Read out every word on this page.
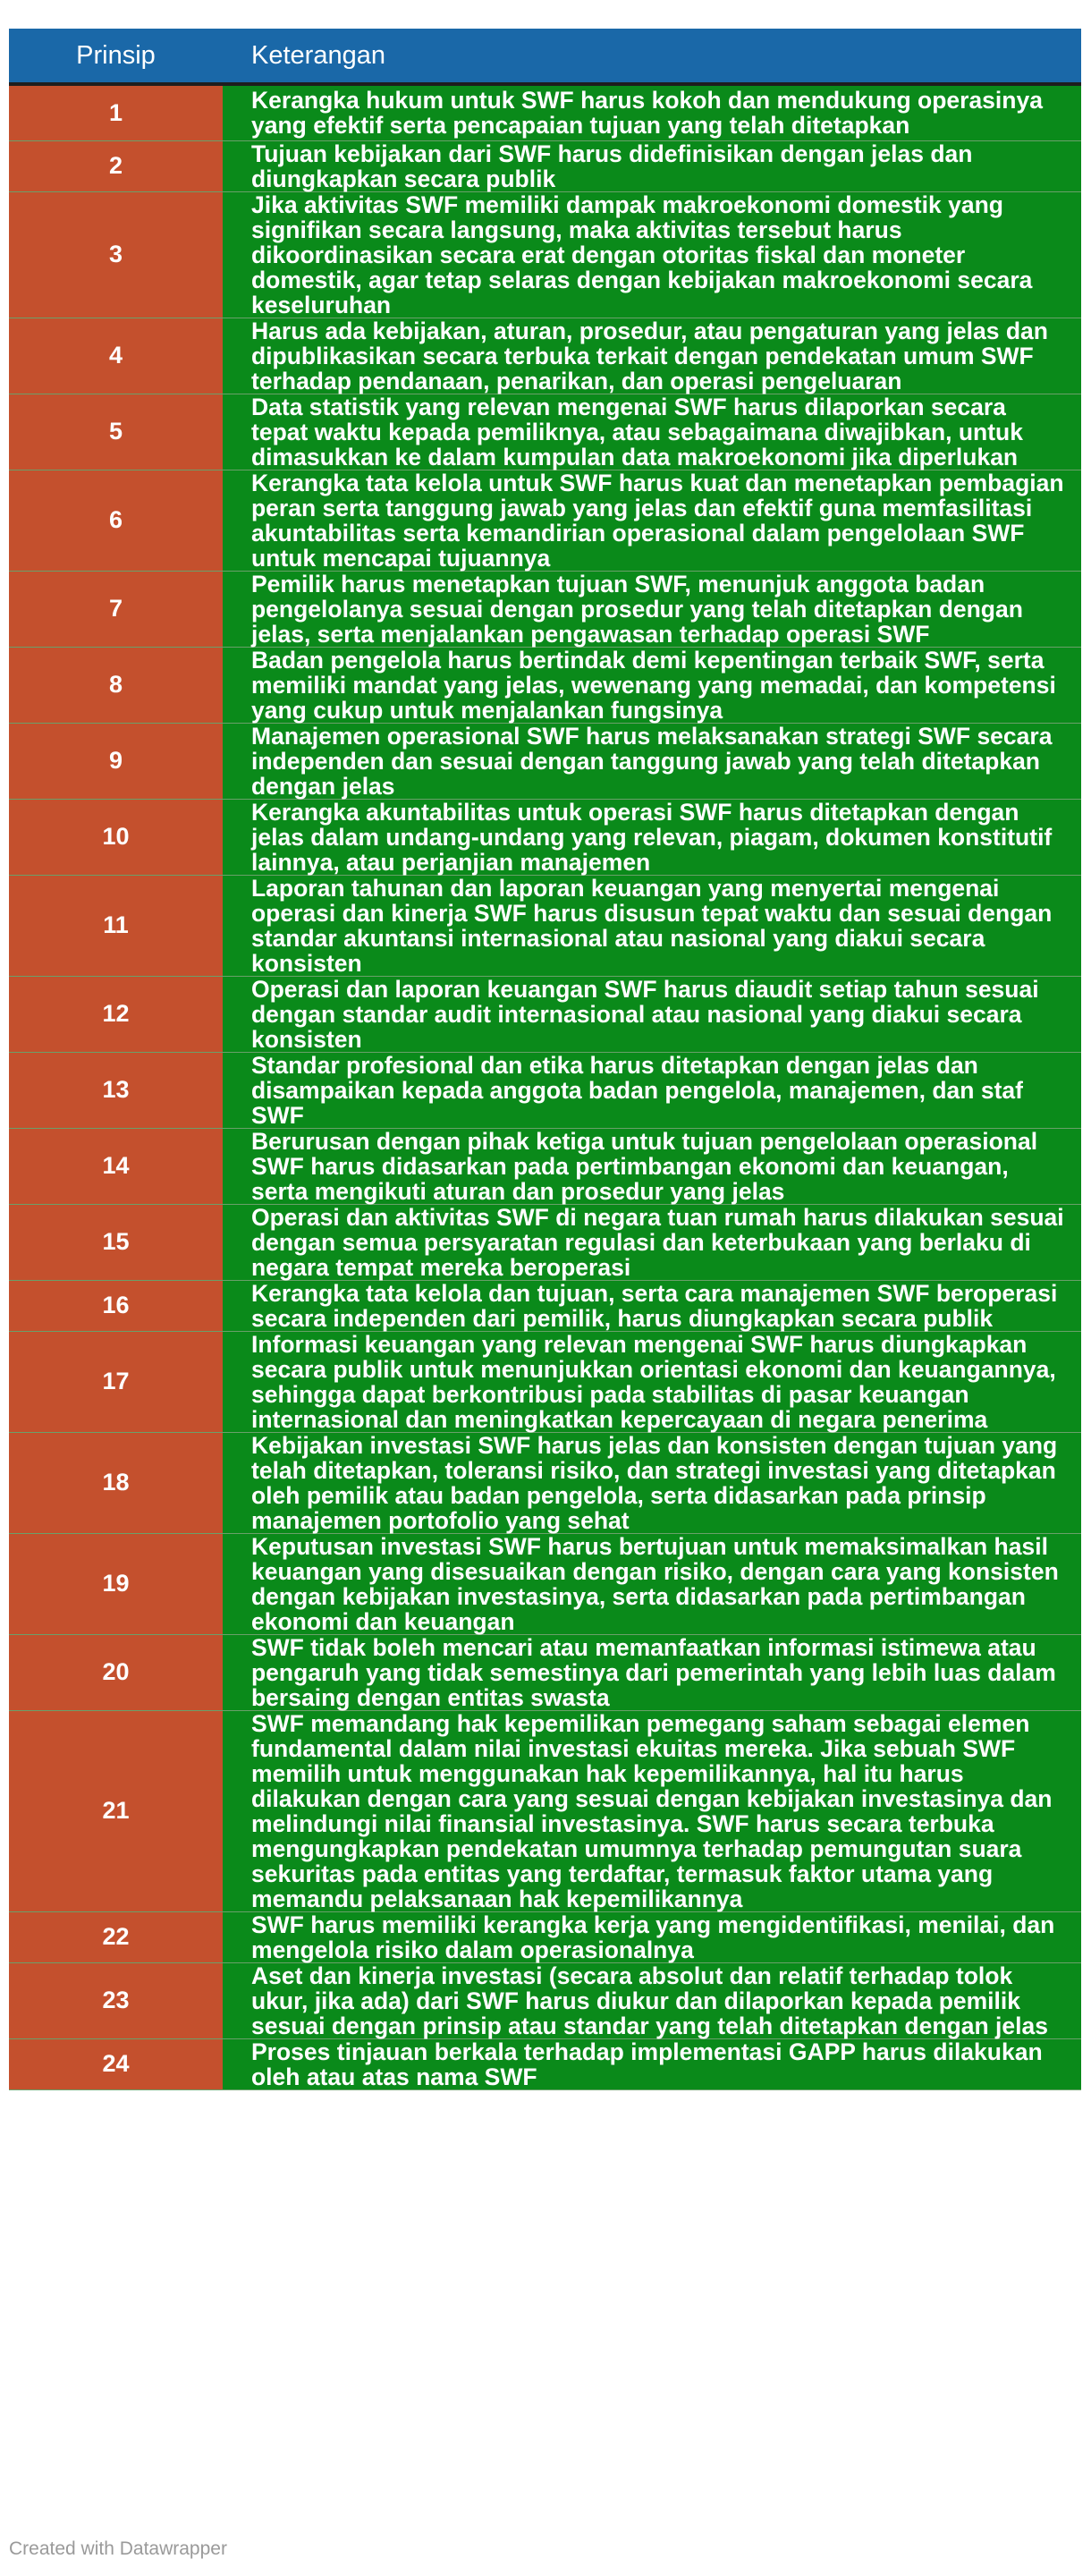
Prinsip	Keterangan
1	Kerangka hukum untuk SWF harus kokoh dan mendukung operasinya yang efektif serta pencapaian tujuan yang telah ditetapkan
2	Tujuan kebijakan dari SWF harus didefinisikan dengan jelas dan diungkapkan secara publik
3	Jika aktivitas SWF memiliki dampak makroekonomi domestik yang signifikan secara langsung, maka aktivitas tersebut harus dikoordinasikan secara erat dengan otoritas fiskal dan moneter domestik, agar tetap selaras dengan kebijakan makroekonomi secara keseluruhan
4	Harus ada kebijakan, aturan, prosedur, atau pengaturan yang jelas dan dipublikasikan secara terbuka terkait dengan pendekatan umum SWF terhadap pendanaan, penarikan, dan operasi pengeluaran
5	Data statistik yang relevan mengenai SWF harus dilaporkan secara tepat waktu kepada pemiliknya, atau sebagaimana diwajibkan, untuk dimasukkan ke dalam kumpulan data makroekonomi jika diperlukan
6	Kerangka tata kelola untuk SWF harus kuat dan menetapkan pembagian peran serta tanggung jawab yang jelas dan efektif guna memfasilitasi akuntabilitas serta kemandirian operasional dalam pengelolaan SWF untuk mencapai tujuannya
7	Pemilik harus menetapkan tujuan SWF, menunjuk anggota badan pengelolanya sesuai dengan prosedur yang telah ditetapkan dengan jelas, serta menjalankan pengawasan terhadap operasi SWF
8	Badan pengelola harus bertindak demi kepentingan terbaik SWF, serta memiliki mandat yang jelas, wewenang yang memadai, dan kompetensi yang cukup untuk menjalankan fungsinya
9	Manajemen operasional SWF harus melaksanakan strategi SWF secara independen dan sesuai dengan tanggung jawab yang telah ditetapkan dengan jelas
10	Kerangka akuntabilitas untuk operasi SWF harus ditetapkan dengan jelas dalam undang-undang yang relevan, piagam, dokumen konstitutif lainnya, atau perjanjian manajemen
11	Laporan tahunan dan laporan keuangan yang menyertai mengenai operasi dan kinerja SWF harus disusun tepat waktu dan sesuai dengan standar akuntansi internasional atau nasional yang diakui secara konsisten
12	Operasi dan laporan keuangan SWF harus diaudit setiap tahun sesuai dengan standar audit internasional atau nasional yang diakui secara konsisten
13	Standar profesional dan etika harus ditetapkan dengan jelas dan disampaikan kepada anggota badan pengelola, manajemen, dan staf SWF
14	Berurusan dengan pihak ketiga untuk tujuan pengelolaan operasional SWF harus didasarkan pada pertimbangan ekonomi dan keuangan, serta mengikuti aturan dan prosedur yang jelas
15	Operasi dan aktivitas SWF di negara tuan rumah harus dilakukan sesuai dengan semua persyaratan regulasi dan keterbukaan yang berlaku di negara tempat mereka beroperasi
16	Kerangka tata kelola dan tujuan, serta cara manajemen SWF beroperasi secara independen dari pemilik, harus diungkapkan secara publik
17	Informasi keuangan yang relevan mengenai SWF harus diungkapkan secara publik untuk menunjukkan orientasi ekonomi dan keuangannya, sehingga dapat berkontribusi pada stabilitas di pasar keuangan internasional dan meningkatkan kepercayaan di negara penerima
18	Kebijakan investasi SWF harus jelas dan konsisten dengan tujuan yang telah ditetapkan, toleransi risiko, dan strategi investasi yang ditetapkan oleh pemilik atau badan pengelola, serta didasarkan pada prinsip manajemen portofolio yang sehat
19	Keputusan investasi SWF harus bertujuan untuk memaksimalkan hasil keuangan yang disesuaikan dengan risiko, dengan cara yang konsisten dengan kebijakan investasinya, serta didasarkan pada pertimbangan ekonomi dan keuangan
20	SWF tidak boleh mencari atau memanfaatkan informasi istimewa atau pengaruh yang tidak semestinya dari pemerintah yang lebih luas dalam bersaing dengan entitas swasta
21	SWF memandang hak kepemilikan pemegang saham sebagai elemen fundamental dalam nilai investasi ekuitas mereka. Jika sebuah SWF memilih untuk menggunakan hak kepemilikannya, hal itu harus dilakukan dengan cara yang sesuai dengan kebijakan investasinya dan melindungi nilai finansial investasinya. SWF harus secara terbuka mengungkapkan pendekatan umumnya terhadap pemungutan suara sekuritas pada entitas yang terdaftar, termasuk faktor utama yang memandu pelaksanaan hak kepemilikannya
22	SWF harus memiliki kerangka kerja yang mengidentifikasi, menilai, dan mengelola risiko dalam operasionalnya
23	Aset dan kinerja investasi (secara absolut dan relatif terhadap tolok ukur, jika ada) dari SWF harus diukur dan dilaporkan kepada pemilik sesuai dengan prinsip atau standar yang telah ditetapkan dengan jelas
24	Proses tinjauan berkala terhadap implementasi GAPP harus dilakukan oleh atau atas nama SWF
Created with Datawrapper
